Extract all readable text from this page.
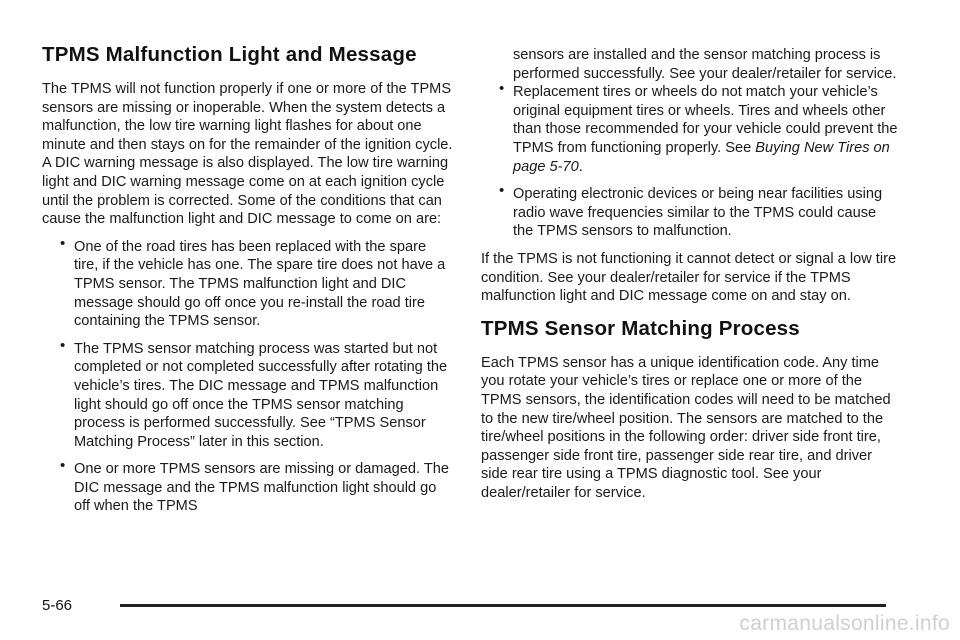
TPMS Malfunction Light and Message

The TPMS will not function properly if one or more of the TPMS sensors are missing or inoperable. When the system detects a malfunction, the low tire warning light flashes for about one minute and then stays on for the remainder of the ignition cycle. A DIC warning message is also displayed. The low tire warning light and DIC warning message come on at each ignition cycle until the problem is corrected. Some of the conditions that can cause the malfunction light and DIC message to come on are:

• One of the road tires has been replaced with the spare tire, if the vehicle has one. The spare tire does not have a TPMS sensor. The TPMS malfunction light and DIC message should go off once you re-install the road tire containing the TPMS sensor.
• The TPMS sensor matching process was started but not completed or not completed successfully after rotating the vehicle’s tires. The DIC message and TPMS malfunction light should go off once the TPMS sensor matching process is performed successfully. See “TPMS Sensor Matching Process” later in this section.
• One or more TPMS sensors are missing or damaged. The DIC message and the TPMS malfunction light should go off when the TPMS

sensors are installed and the sensor matching process is performed successfully. See your dealer/retailer for service.

• Replacement tires or wheels do not match your vehicle’s original equipment tires or wheels. Tires and wheels other than those recommended for your vehicle could prevent the TPMS from functioning properly. See Buying New Tires on page 5-70.
• Operating electronic devices or being near facilities using radio wave frequencies similar to the TPMS could cause the TPMS sensors to malfunction.

If the TPMS is not functioning it cannot detect or signal a low tire condition. See your dealer/retailer for service if the TPMS malfunction light and DIC message come on and stay on.

TPMS Sensor Matching Process

Each TPMS sensor has a unique identification code. Any time you rotate your vehicle’s tires or replace one or more of the TPMS sensors, the identification codes will need to be matched to the new tire/wheel position. The sensors are matched to the tire/wheel positions in the following order: driver side front tire, passenger side front tire, passenger side rear tire, and driver side rear tire using a TPMS diagnostic tool. See your dealer/retailer for service.

5-66
carmanualsonline.info
